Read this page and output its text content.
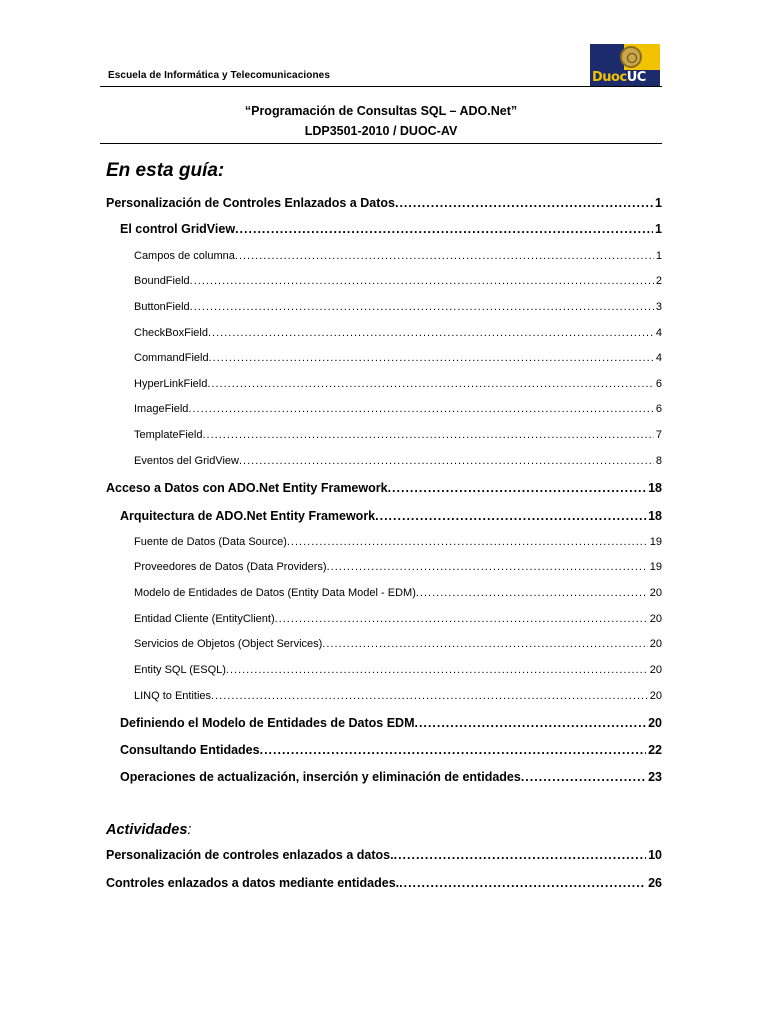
Escuela de Informática y Telecomunicaciones	DuocUC
“Programación de Consultas SQL – ADO.Net”
LDP3501-2010 / DUOC-AV
En esta guía:
Personalización de Controles Enlazados a Datos .....	1
El control GridView .....	1
Campos de columna .....	1
BoundField .....	2
ButtonField .....	3
CheckBoxField .....	4
CommandField .....	4
HyperLinkField .....	6
ImageField .....	6
TemplateField .....	7
Eventos del GridView .....	8
Acceso a Datos con ADO.Net Entity Framework .....	18
Arquitectura de ADO.Net Entity Framework .....	18
Fuente de Datos (Data Source) .....	19
Proveedores de Datos (Data Providers) .....	19
Modelo de Entidades de Datos (Entity Data Model - EDM) .....	20
Entidad Cliente (EntityClient) .....	20
Servicios de Objetos (Object Services) .....	20
Entity SQL (ESQL) .....	20
LINQ to Entities .....	20
Definiendo el Modelo de Entidades de Datos EDM .....	20
Consultando Entidades .....	22
Operaciones de actualización, inserción y eliminación de entidades .....	23
Actividades:
Personalización de controles enlazados a datos. .....	10
Controles enlazados a datos mediante entidades. .....	26
